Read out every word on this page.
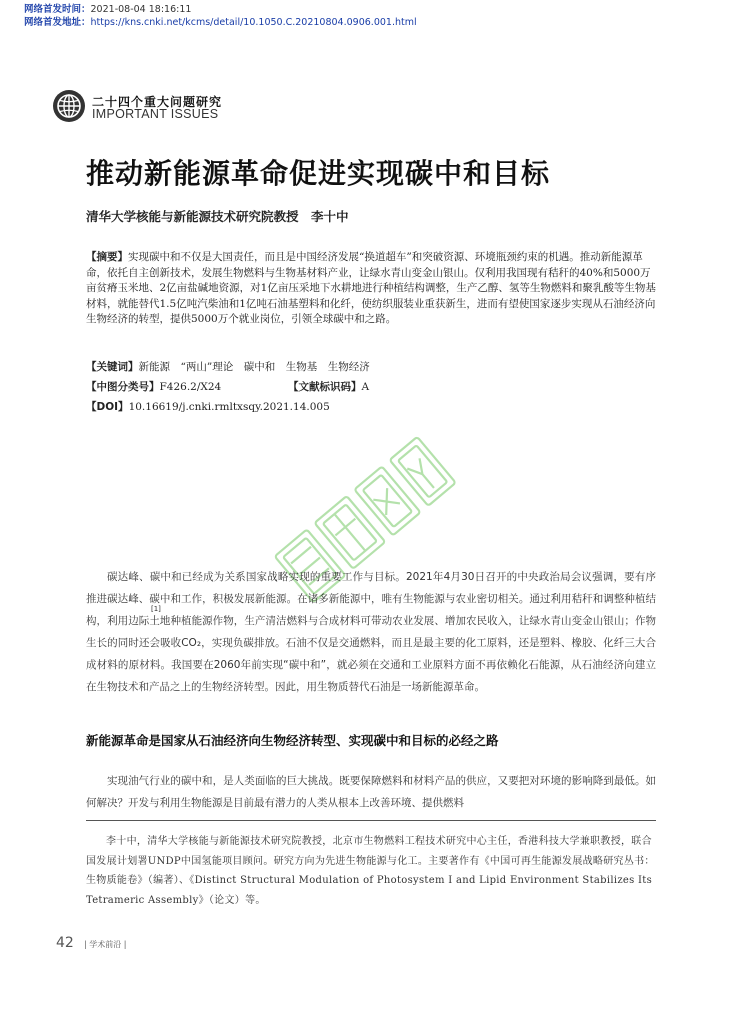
网络首发时间：2021-08-04 18:16:11
网络首发地址：https://kns.cnki.net/kcms/detail/10.1050.C.20210804.0906.001.html
二十四个重大问题研究
IMPORTANT ISSUES
推动新能源革命促进实现碳中和目标
清华大学核能与新能源技术研究院教授　李十中
【摘要】实现碳中和不仅是大国责任，而且是中国经济发展“换道超车”和突破资源、环境瓶颈约束的机遇。推动新能源革命，依托自主创新技术，发展生物燃料与生物基材料产业，让绿水青山变金山银山。仅利用我国现有秸秆的40%和5000万亩贫瘠玉米地、2亿亩盐碱地资源，对1亿亩压采地下水耕地进行种植结构调整，生产乙醇、氢等生物燃料和聚乳酸等生物基材料，就能替代1.5亿吨汽柴油和1亿吨石油基塑料和化纤，使纺织服装业重获新生，进而有望使国家逐步实现从石油经济向生物经济的转型，提供5000万个就业岗位，引领全球碳中和之路。
【关键词】新能源　“两山”理论　碳中和　生物基　生物经济
【中图分类号】F426.2/X24	【文献标识码】A
【DOI】10.16619/j.cnki.rmltxsqy.2021.14.005
碳达峰、碳中和已经成为关系国家战略实现的重要工作与目标。2021年4月30日召开的中央政治局会议强调，要有序推进碳达峰、碳中和工作，积极发展新能源。在诸多新能源中，唯有生物能源与农业密切相关。通过利用秸秆和调整种植结构，利用边际土地种植能源作物，生产清洁燃料与合成材料可带动农业发展、增加农民收入，让绿水青山变金山银山；作物生长的同时还会吸收CO₂，实现负碳排放。石油不仅是交通燃料，而且是最主要的化工原料，还是塑料、橡胶、化纤三大合成材料的原材料。我国要在2060年前实现“碳中和”，就必须在交通和工业原料方面不再依赖化石能源，从石油经济向建立在生物技术和产品之上的生物经济转型。因此，用生物质替代石油是一场新能源革命。
[1]
新能源革命是国家从石油经济向生物经济转型、实现碳中和目标的必经之路
实现油气行业的碳中和，是人类面临的巨大挑战。既要保障燃料和材料产品的供应，又要把对环境的影响降到最低。如何解决？开发与利用生物能源是目前最有潜力的人类从根本上改善环境、提供燃料
李十中，清华大学核能与新能源技术研究院教授，北京市生物燃料工程技术研究中心主任，香港科技大学兼职教授，联合国发展计划署UNDP中国氢能项目顾问。研究方向为先进生物能源与化工。主要著作有《中国可再生能源发展战略研究丛书：生物质能卷》（编著）、《Distinct Structural Modulation of Photosystem I and Lipid Environment Stabilizes Its Tetrameric Assembly》（论文）等。
42 | 学术前沿 |
